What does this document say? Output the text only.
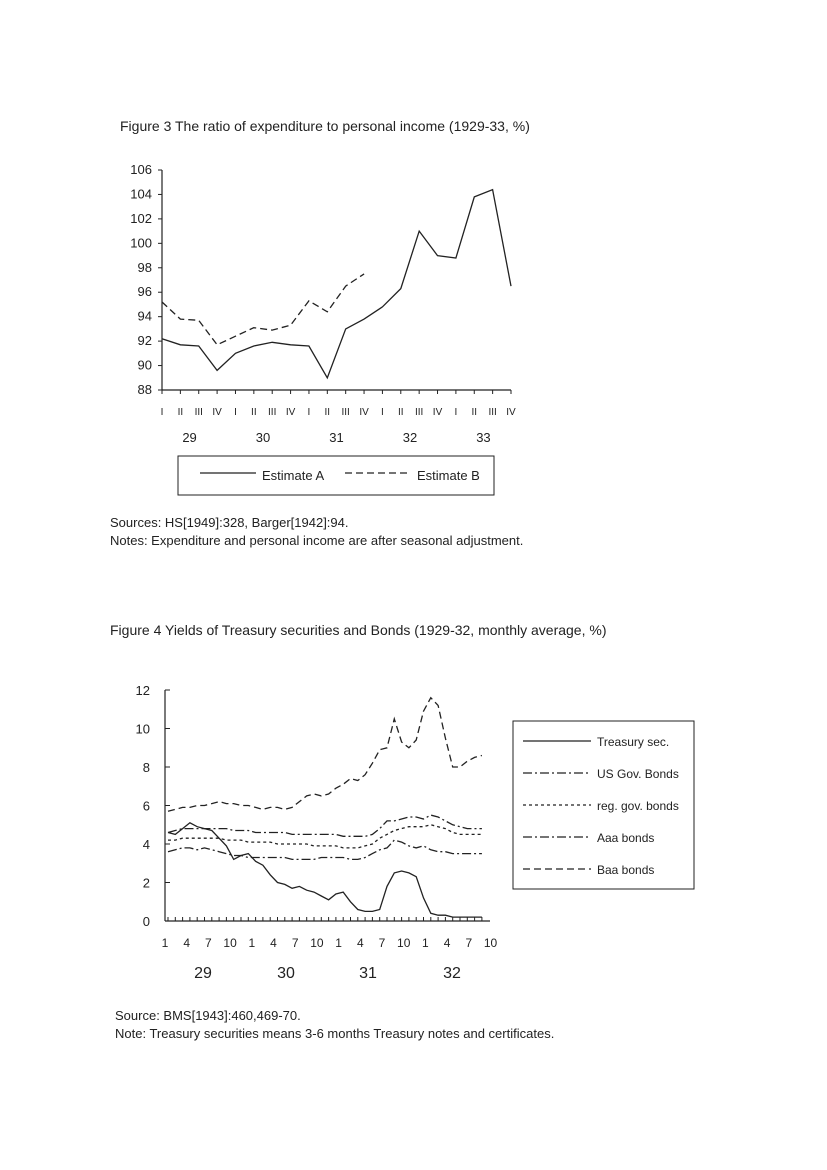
Figure 3 The ratio of expenditure to personal income (1929-33, %)
88
90
92
94
96
98
100
102
104
106
I II III IV I II III IV I II III IV I II III IV I II III IV
29	30	31	32	33
Estimate A	Estimate B
0
2
4
6
8
10
12
1 4 7 10 1 4 7 10 1 4 7 10 1 4 7 10
29	30	31	32
Treasury sec.
US Gov. Bonds
reg. gov. bonds
Aaa bonds
Baa bonds
Sources: HS[1949]:328, Barger[1942]:94.
Notes: Expenditure and personal income are after seasonal adjustment.
Figure 4 Yields of Treasury securities and Bonds (1929-32, monthly average, %)
Source: BMS[1943]:460,469-70.
Note: Treasury securities means 3-6 months Treasury notes and certificates.
